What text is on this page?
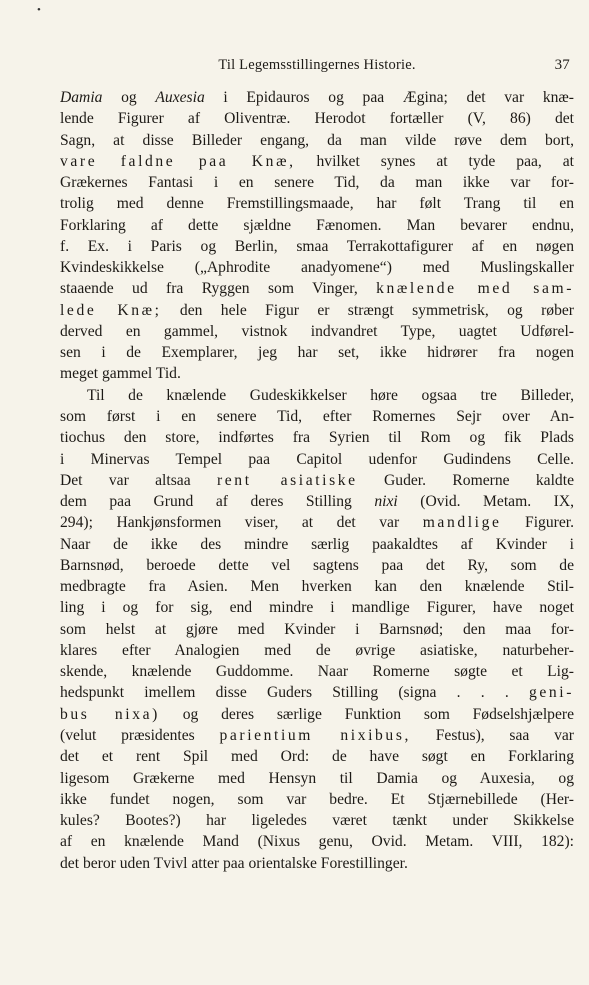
•
Til Legemsstillingernes Historie.	37
Damia og Auxesia i Epidauros og paa Ægina; det var knæ-
lende Figurer af Oliventræ. Herodot fortæller (V, 86) det
Sagn, at disse Billeder engang, da man vilde røve dem bort,
vare faldne paa Knæ, hvilket synes at tyde paa, at
Grækernes Fantasi i en senere Tid, da man ikke var for-
trolig med denne Fremstillingsmaade, har følt Trang til en
Forklaring af dette sjældne Fænomen. Man bevarer endnu,
f. Ex. i Paris og Berlin, smaa Terrakottafigurer af en nøgen
Kvindeskikkelse („Aphrodite anadyomene“) med Muslingskaller
staaende ud fra Ryggen som Vinger, knælende med sam-
lede Knæ; den hele Figur er strængt symmetrisk, og røber
derved en gammel, vistnok indvandret Type, uagtet Udførel-
sen i de Exemplarer, jeg har set, ikke hidrører fra nogen
meget gammel Tid.
Til de knælende Gudeskikkelser høre ogsaa tre Billeder,
som først i en senere Tid, efter Romernes Sejr over An-
tiochus den store, indførtes fra Syrien til Rom og fik Plads
i Minervas Tempel paa Capitol udenfor Gudindens Celle.
Det var altsaa rent asiatiske Guder. Romerne kaldte
dem paa Grund af deres Stilling nixi (Ovid. Metam. IX,
294); Hankjønsformen viser, at det var mandlige Figurer.
Naar de ikke des mindre særlig paakaldtes af Kvinder i
Barnsnød, beroede dette vel sagtens paa det Ry, som de
medbragte fra Asien. Men hverken kan den knælende Stil-
ling i og for sig, end mindre i mandlige Figurer, have noget
som helst at gjøre med Kvinder i Barnsnød; den maa for-
klares efter Analogien med de øvrige asiatiske, naturbeher-
skende, knælende Guddomme. Naar Romerne søgte et Lig-
hedspunkt imellem disse Guders Stilling (signa . . . geni-
bus nixa) og deres særlige Funktion som Fødselshjælpere
(velut præsidentes parientium nixibus, Festus), saa var
det et rent Spil med Ord: de have søgt en Forklaring
ligesom Grækerne med Hensyn til Damia og Auxesia, og
ikke fundet nogen, som var bedre. Et Stjærnebillede (Her-
kules? Bootes?) har ligeledes været tænkt under Skikkelse
af en knælende Mand (Nixus genu, Ovid. Metam. VIII, 182):
det beror uden Tvivl atter paa orientalske Forestillinger.
